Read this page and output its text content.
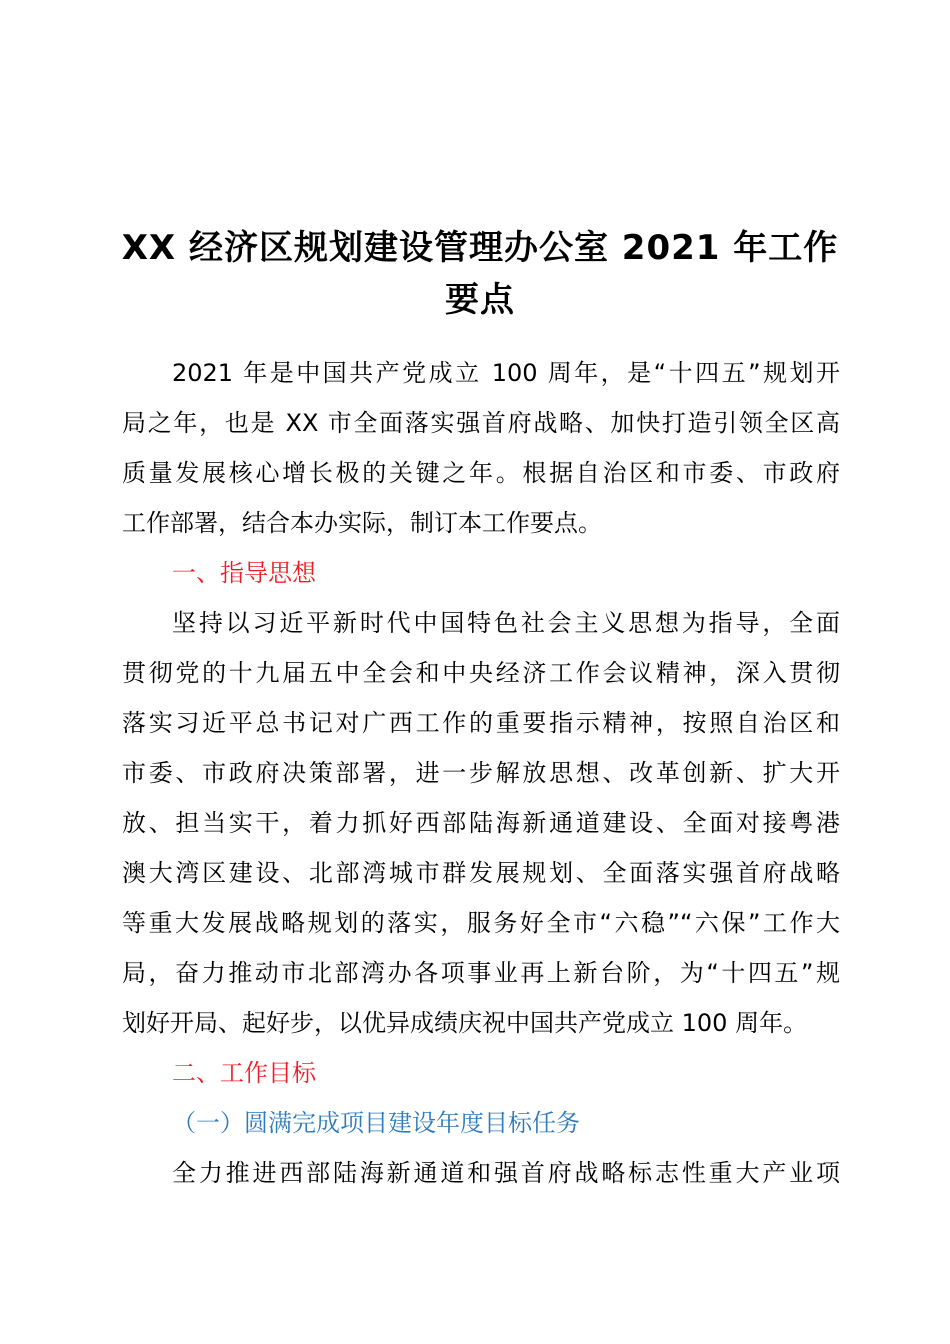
XX 经济区规划建设管理办公室 2021 年工作
要点
2021 年是中国共产党成立 100 周年，是“十四五”规划开
局之年，也是 XX 市全面落实强首府战略、加快打造引领全区高
质量发展核心增长极的关键之年。根据自治区和市委、市政府
工作部署，结合本办实际，制订本工作要点。
一、指导思想
坚持以习近平新时代中国特色社会主义思想为指导，全面
贯彻党的十九届五中全会和中央经济工作会议精神，深入贯彻
落实习近平总书记对广西工作的重要指示精神，按照自治区和
市委、市政府决策部署，进一步解放思想、改革创新、扩大开
放、担当实干，着力抓好西部陆海新通道建设、全面对接粤港
澳大湾区建设、北部湾城市群发展规划、全面落实强首府战略
等重大发展战略规划的落实，服务好全市“六稳”“六保”工作大
局，奋力推动市北部湾办各项事业再上新台阶，为“十四五”规
划好开局、起好步，以优异成绩庆祝中国共产党成立 100 周年。
二、工作目标
（一）圆满完成项目建设年度目标任务
全力推进西部陆海新通道和强首府战略标志性重大产业项
